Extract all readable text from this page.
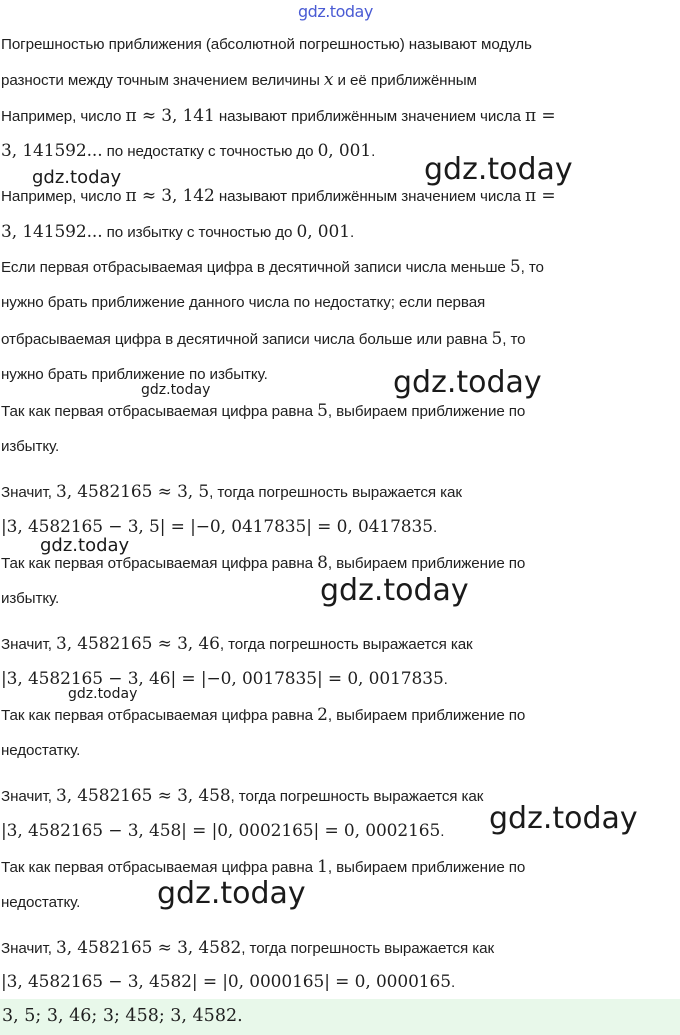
gdz.today
Погрешностью приближения (абсолютной погрешностью) называют модуль
разности между точным значением величины 𝑥 и её приближённым
Например, число π ≈ 3, 141 называют приближённым значением числа π =
3, 141592... по недостатку с точностью до 0, 001.
Например, число π ≈ 3, 142 называют приближённым значением числа π =
3, 141592... по избытку с точностью до 0, 001.
Если первая отбрасываемая цифра в десятичной записи числа меньше 5, то
нужно брать приближение данного числа по недостатку; если первая
отбрасываемая цифра в десятичной записи числа больше или равна 5, то
нужно брать приближение по избытку.
Так как первая отбрасываемая цифра равна 5, выбираем приближение по
избытку.
Значит, 3, 4582165 ≈ 3, 5, тогда погрешность выражается как
|3, 4582165 − 3, 5| = |−0, 0417835| = 0, 0417835.
Так как первая отбрасываемая цифра равна 8, выбираем приближение по
избытку.
Значит, 3, 4582165 ≈ 3, 46, тогда погрешность выражается как
|3, 4582165 − 3, 46| = |−0, 0017835| = 0, 0017835.
Так как первая отбрасываемая цифра равна 2, выбираем приближение по
недостатку.
Значит, 3, 4582165 ≈ 3, 458, тогда погрешность выражается как
|3, 4582165 − 3, 458| = |0, 0002165| = 0, 0002165.
Так как первая отбрасываемая цифра равна 1, выбираем приближение по
недостатку.
Значит, 3, 4582165 ≈ 3, 4582, тогда погрешность выражается как
|3, 4582165 − 3, 4582| = |0, 0000165| = 0, 0000165.
gdz.today	gdz.today
gdz.today	gdz.today
gdz.today
gdz.today
gdz.today
gdz.today
gdz.today
3, 5; 3, 46; 3; 458; 3, 4582.
